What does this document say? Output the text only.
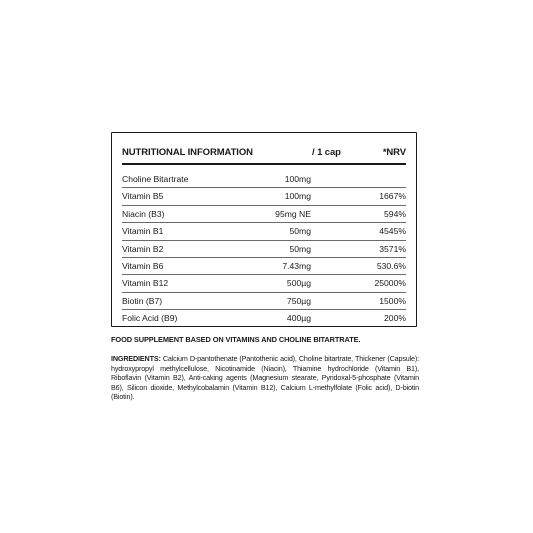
NUTRITIONAL INFORMATION	/ 1 cap	*NRV
Choline Bitartrate	100mg
Vitamin B5	100mg	1667%
Niacin (B3)	95mg NE	594%
Vitamin B1	50mg	4545%
Vitamin B2	50mg	3571%
Vitamin B6	7.43mg	530.6%
Vitamin B12	500µg	25000%
Biotin (B7)	750µg	1500%
Folic Acid (B9)	400µg	200%
FOOD SUPPLEMENT BASED ON VITAMINS AND CHOLINE BITARTRATE.
INGREDIENTS: Calcium D-pantothenate (Pantothenic acid), Choline bitartrate, Thickener (Capsule): hydroxypropyl methylcellulose, Nicotinamide (Niacin), Thiamine hydrochloride (Vitamin B1), Riboflavin (Vitamin B2), Anti-caking agents (Magnesium stearate, Pyridoxal-5-phosphate (Vitamin B6), Silicon dioxide, Methylcobalamin (Vitamin B12), Calcium L-methylfolate (Folic acid), D-biotin (Biotin).
